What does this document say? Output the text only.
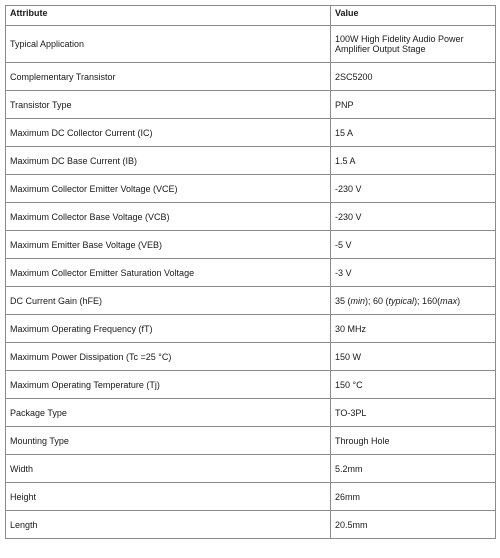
Attribute	Value
Typical Application	100W High Fidelity Audio Power Amplifier Output Stage
Complementary Transistor	2SC5200
Transistor Type	PNP
Maximum DC Collector Current (IC)	15 A
Maximum DC Base Current (IB)	1.5 A
Maximum Collector Emitter Voltage (VCE)	-230 V
Maximum Collector Base Voltage (VCB)	-230 V
Maximum Emitter Base Voltage (VEB)	-5 V
Maximum Collector Emitter Saturation Voltage	-3 V
DC Current Gain (hFE)	35 (min); 60 (typical); 160(max)
Maximum Operating Frequency (fT)	30 MHz
Maximum Power Dissipation (Tc =25 °C)	150 W
Maximum Operating Temperature (Tj)	150 °C
Package Type	TO-3PL
Mounting Type	Through Hole
Width	5.2mm
Height	26mm
Length	20.5mm
